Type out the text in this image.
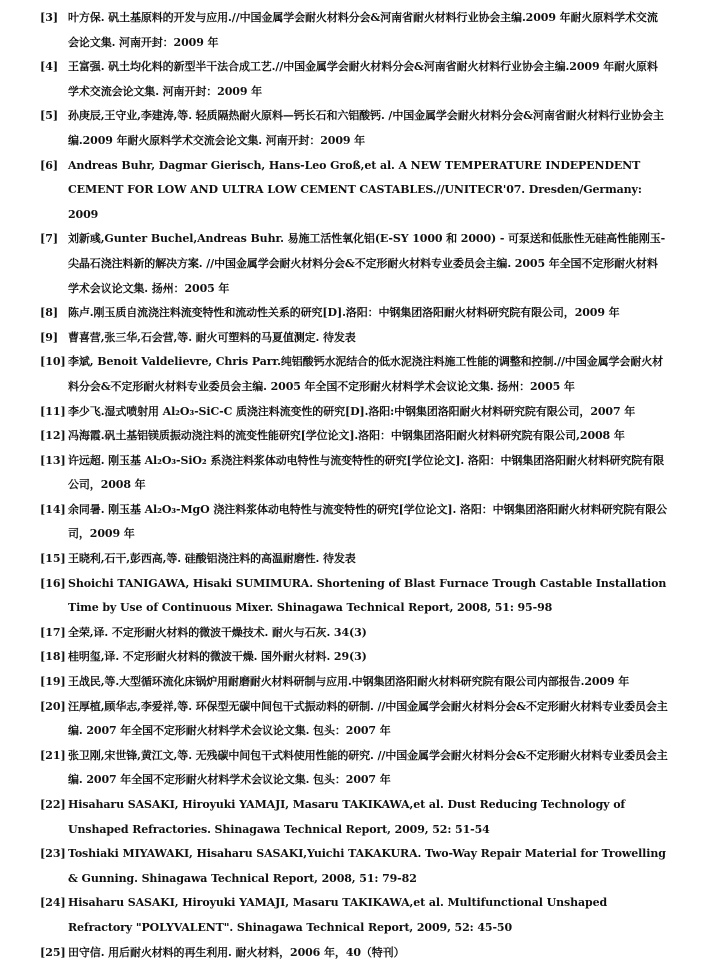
[3] 叶方保. 矾土基原料的开发与应用.//中国金属学会耐火材料分会&河南省耐火材料行业协会主编.2009 年耐火原料学术交流会论文集. 河南开封：2009 年
[4] 王富强. 矾土均化料的新型半干法合成工艺.//中国金属学会耐火材料分会&河南省耐火材料行业协会主编.2009 年耐火原料学术交流会论文集. 河南开封：2009 年
[5] 孙庚辰,王守业,李建涛,等. 轻质隔热耐火原料—钙长石和六铝酸钙. /中国金属学会耐火材料分会&河南省耐火材料行业协会主编.2009 年耐火原料学术交流会论文集. 河南开封：2009 年
[6] Andreas Buhr, Dagmar Gierisch, Hans-Leo Groß,et al. A NEW TEMPERATURE INDEPENDENT CEMENT FOR LOW AND ULTRA LOW CEMENT CASTABLES.//UNITECR'07. Dresden/Germany: 2009
[7] 刘新彧,Gunter Buchel,Andreas Buhr. 易施工活性氧化铝(E-SY 1000 和 2000) - 可泵送和低胀性无硅高性能刚玉-尖晶石浇注料新的解决方案. //中国金属学会耐火材料分会&不定形耐火材料专业委员会主编. 2005 年全国不定形耐火材料学术会议论文集. 扬州：2005 年
[8] 陈卢.刚玉质自流浇注料流变特性和流动性关系的研究[D].洛阳：中钢集团洛阳耐火材料研究院有限公司，2009 年
[9] 曹喜营,张三华,石会营,等. 耐火可塑料的马夏值测定. 待发表
[10] 李斌, Benoit Valdelievre, Chris Parr.纯铝酸钙水泥结合的低水泥浇注料施工性能的调整和控制.//中国金属学会耐火材料分会&不定形耐火材料专业委员会主编. 2005 年全国不定形耐火材料学术会议论文集. 扬州：2005 年
[11] 李少飞.湿式喷射用 Al₂O₃-SiC-C 质浇注料流变性的研究[D].洛阳:中钢集团洛阳耐火材料研究院有限公司，2007 年
[12] 冯海霞.矾土基铝镁质振动浇注料的流变性能研究[学位论文].洛阳：中钢集团洛阳耐火材料研究院有限公司,2008 年
[13] 许远超. 刚玉基 Al₂O₃-SiO₂ 系浇注料浆体动电特性与流变特性的研究[学位论文]. 洛阳：中钢集团洛阳耐火材料研究院有限公司，2008 年
[14] 余同暑. 刚玉基 Al₂O₃-MgO 浇注料浆体动电特性与流变特性的研究[学位论文]. 洛阳：中钢集团洛阳耐火材料研究院有限公司，2009 年
[15] 王晓利,石干,彭西高,等. 硅酸铝浇注料的高温耐磨性. 待发表
[16] Shoichi TANIGAWA, Hisaki SUMIMURA. Shortening of Blast Furnace Trough Castable Installation Time by Use of Continuous Mixer. Shinagawa Technical Report, 2008, 51: 95-98
[17] 全荣,译. 不定形耐火材料的微波干燥技术. 耐火与石灰. 34(3)
[18] 桂明玺,译. 不定形耐火材料的微波干燥. 国外耐火材料. 29(3)
[19] 王战民,等.大型循环流化床锅炉用耐磨耐火材料研制与应用.中钢集团洛阳耐火材料研究院有限公司内部报告.2009 年
[20] 汪厚植,顾华志,李爱祥,等. 环保型无碳中间包干式振动料的研制. //中国金属学会耐火材料分会&不定形耐火材料专业委员会主编. 2007 年全国不定形耐火材料学术会议论文集. 包头：2007 年
[21] 张卫刚,宋世锋,黄江文,等. 无残碳中间包干式料使用性能的研究. //中国金属学会耐火材料分会&不定形耐火材料专业委员会主编. 2007 年全国不定形耐火材料学术会议论文集. 包头：2007 年
[22] Hisaharu SASAKI, Hiroyuki YAMAJI, Masaru TAKIKAWA,et al. Dust Reducing Technology of Unshaped Refractories. Shinagawa Technical Report, 2009, 52: 51-54
[23] Toshiaki MIYAWAKI, Hisaharu SASAKI,Yuichi TAKAKURA. Two-Way Repair Material for Trowelling & Gunning. Shinagawa Technical Report, 2008, 51: 79-82
[24] Hisaharu SASAKI, Hiroyuki YAMAJI, Masaru TAKIKAWA,et al. Multifunctional Unshaped Refractory "POLYVALENT". Shinagawa Technical Report, 2009, 52: 45-50
[25] 田守信. 用后耐火材料的再生利用. 耐火材料，2006 年，40（特刊）
